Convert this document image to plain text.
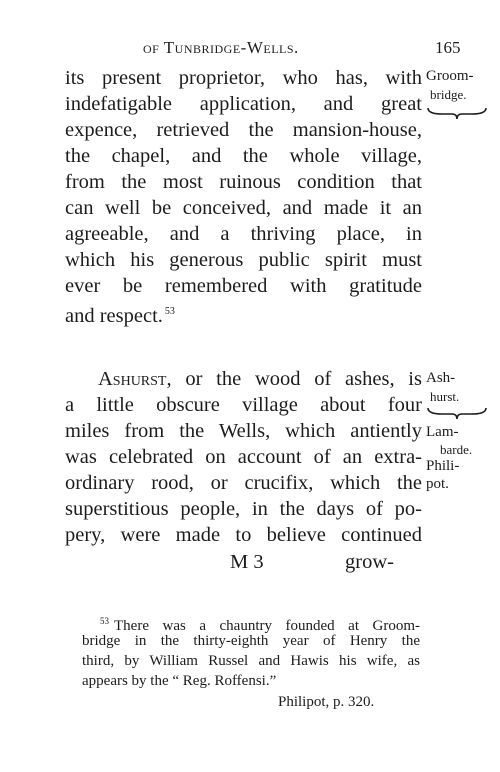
of Tunbridge-Wells.	165
its present proprietor, who has, with
indefatigable application, and great
expence, retrieved the mansion-house,
the chapel, and the whole village,
from the most ruinous condition that
can well be conceived, and made it an
agreeable, and a thriving place, in
which his generous public spirit must
ever be remembered with gratitude
and respect. $^{53}$
Ashurst, or the wood of ashes, is
a little obscure village about four
miles from the Wells, which antiently
was celebrated on account of an extra-
ordinary rood, or crucifix, which the
superstitious people, in the days of po-
pery, were made to believe continued
M 3	grow-
Groom-
bridge.
Ash-
hurst.
Lam-
barde.
Phili-
pot.
$^{53}$ There was a chauntry founded at Groom-
bridge in the thirty-eighth year of Henry the
third, by William Russel and Hawis his wife, as
appears by the “ Reg. Roffensi.”
Philipot, p. 320.
